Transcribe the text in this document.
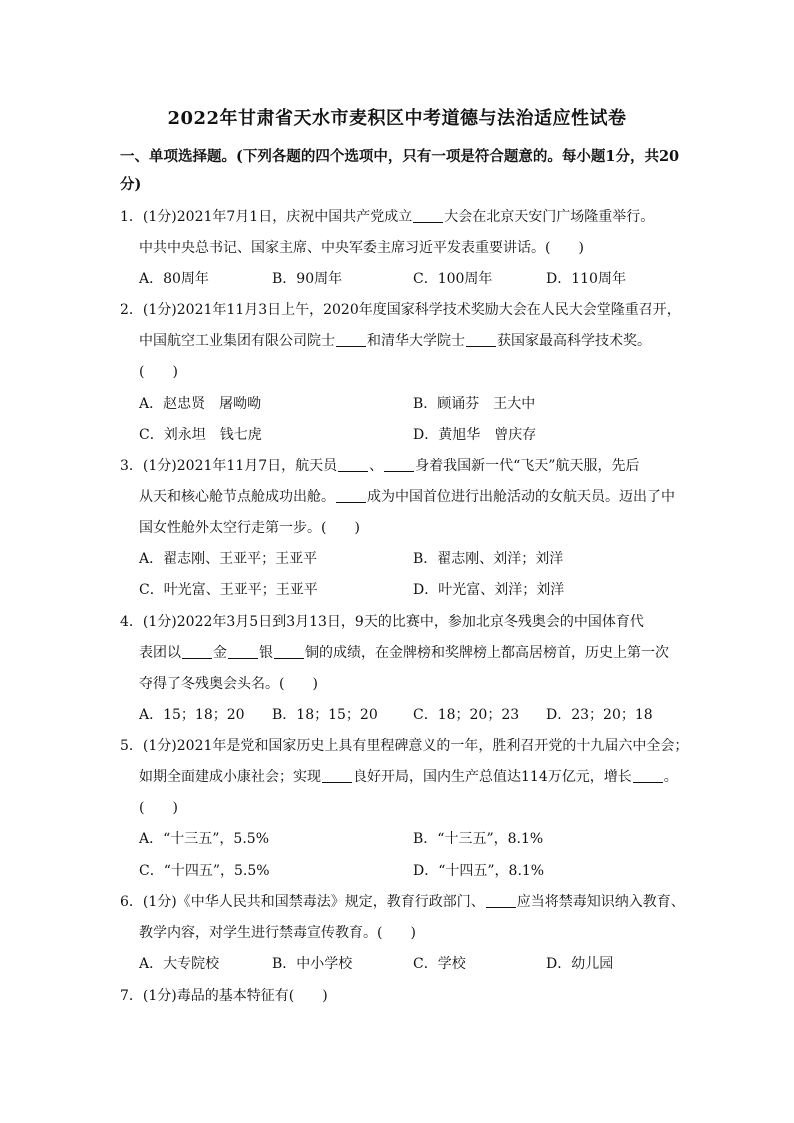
2022年甘肃省天水市麦积区中考道德与法治适应性试卷
一、单项选择题。(下列各题的四个选项中，只有一项是符合题意的。每小题1分，共20
分)
1．(1分)2021年7月1日，庆祝中国共产党成立 大会在北京天安门广场隆重举行。
中共中央总书记、国家主席、中央军委主席习近平发表重要讲话。(　　)
A．80周年	B．90周年	C．100周年	D．110周年
2．(1分)2021年11月3日上午，2020年度国家科学技术奖励大会在人民大会堂隆重召开，
中国航空工业集团有限公司院士 和清华大学院士 获国家最高科学技术奖。
(　　)
A．赵忠贤　屠呦呦	B．顾诵芬　王大中
C．刘永坦　钱七虎	D．黄旭华　曾庆存
3．(1分)2021年11月7日，航天员 、 身着我国新一代“飞天”航天服，先后
从天和核心舱节点舱成功出舱。 成为中国首位进行出舱活动的女航天员。迈出了中
国女性舱外太空行走第一步。(　　)
A．翟志刚、王亚平；王亚平	B．翟志刚、刘洋；刘洋
C．叶光富、王亚平；王亚平	D．叶光富、刘洋；刘洋
4．(1分)2022年3月5日到3月13日，9天的比赛中，参加北京冬残奥会的中国体育代
表团以 金 银 铜的成绩，在金牌榜和奖牌榜上都高居榜首，历史上第一次
夺得了冬残奥会头名。(　　)
A．15；18；20 B．18；15；20	C．18；20；23 D．23；20；18
5．(1分)2021年是党和国家历史上具有里程碑意义的一年，胜利召开党的十九届六中全会；
如期全面建成小康社会；实现 良好开局，国内生产总值达114万亿元，增长 。
(　　)
A．“十三五”，5.5%	B．“十三五”，8.1%
C．“十四五”，5.5%	D．“十四五”，8.1%
6．(1分)《中华人民共和国禁毒法》规定，教育行政部门、 应当将禁毒知识纳入教育、
教学内容，对学生进行禁毒宣传教育。(　　)
A．大专院校	B．中小学校	C．学校	D．幼儿园
7．(1分)毒品的基本特征有(　　)
